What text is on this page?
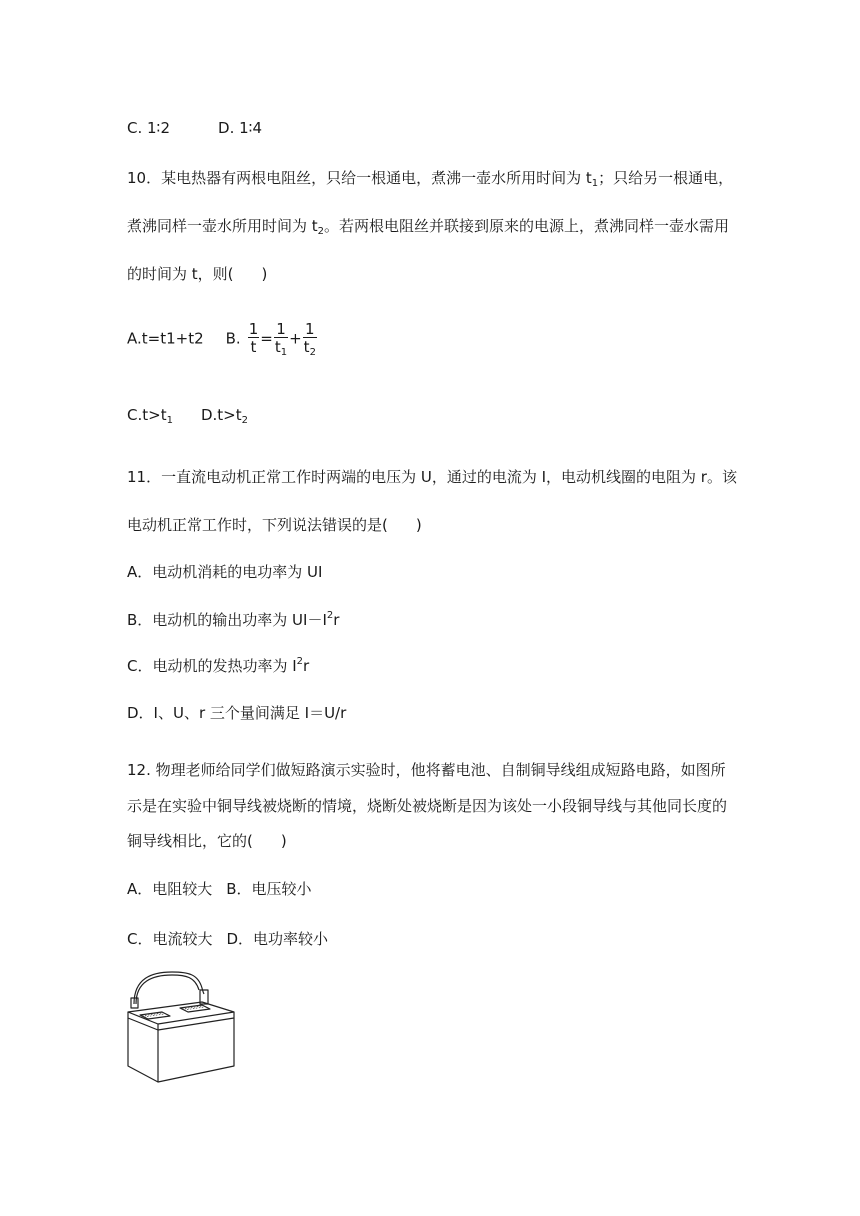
C. 1∶2	D. 1∶4
10．某电热器有两根电阻丝，只给一根通电，煮沸一壶水所用时间为 $t_1$；只给另一根通电，
煮沸同样一壶水所用时间为 $t_2$。若两根电阻丝并联接到原来的电源上，煮沸同样一壶水需用
的时间为 t，则( )
A.t=t1+t2 B. $\frac{1}{t} = \frac{1}{t_1} + \frac{1}{t_2}$
$C.t>t_1$ $D.t>t_2$
11．一直流电动机正常工作时两端的电压为 U，通过的电流为 I，电动机线圈的电阻为 r。该
电动机正常工作时，下列说法错误的是( )
A．电动机消耗的电功率为 UI
B．电动机的输出功率为 $UI-I^2r$
C．电动机的发热功率为 $I^2r$
D．I、U、r 三个量间满足 I＝U/r
12. 物理老师给同学们做短路演示实验时，他将蓄电池、自制铜导线组成短路电路，如图所
示是在实验中铜导线被烧断的情境，烧断处被烧断是因为该处一小段铜导线与其他同长度的
铜导线相比，它的( )
A．电阻较大 B．电压较小
C．电流较大 D．电功率较小
